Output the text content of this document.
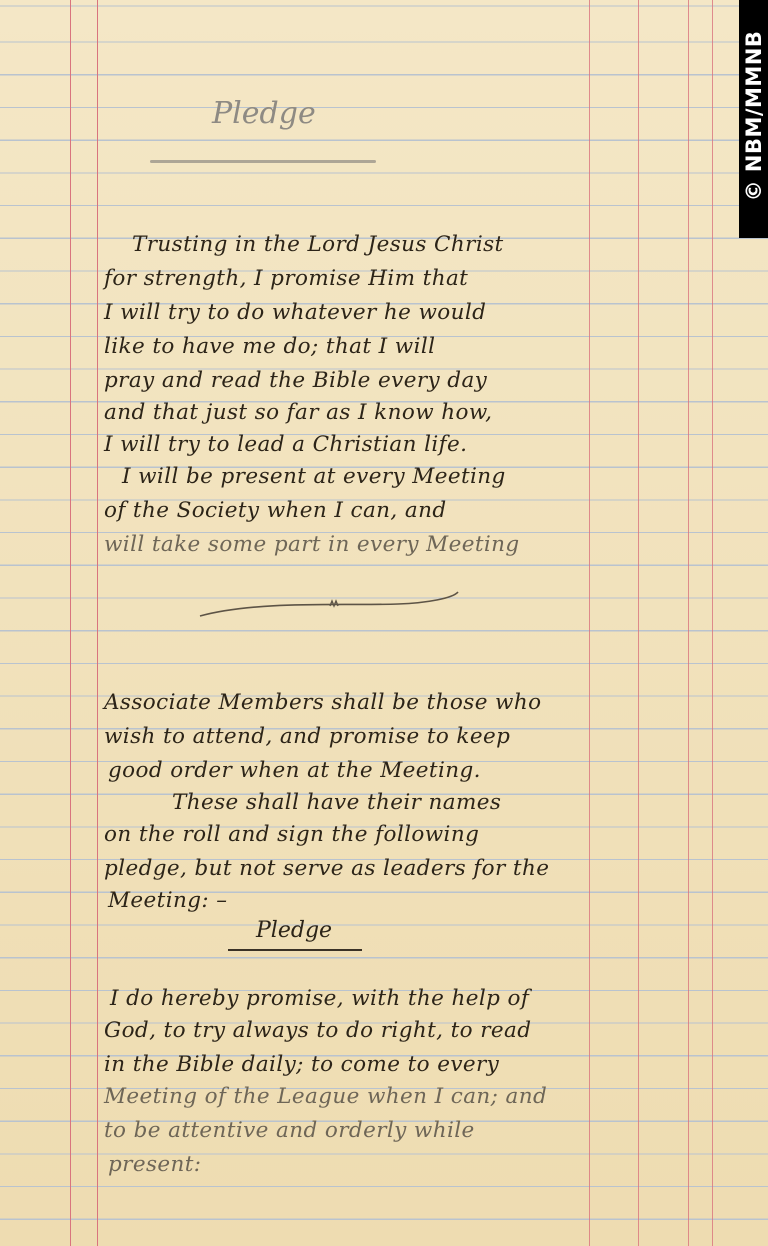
Pledge
Trusting in the Lord Jesus Christ
for strength, I promise Him that
I will try to do whatever he would
like to have me do; that I will
pray and read the Bible every day
and that just so far as I know how,
I will try to lead a Christian life.
I will be present at every Meeting
of the Society when I can, and
will take some part in every Meeting
Associate Members shall be those who
wish to attend, and promise to keep
good order when at the Meeting.
These shall have their names
on the roll and sign the following
pledge, but not serve as leaders for the
Meeting: –
Pledge
I do hereby promise, with the help of
God, to try always to do right, to read
in the Bible daily; to come to every
Meeting of the League when I can; and
to be attentive and orderly while
present:
© NBM/MMNB
